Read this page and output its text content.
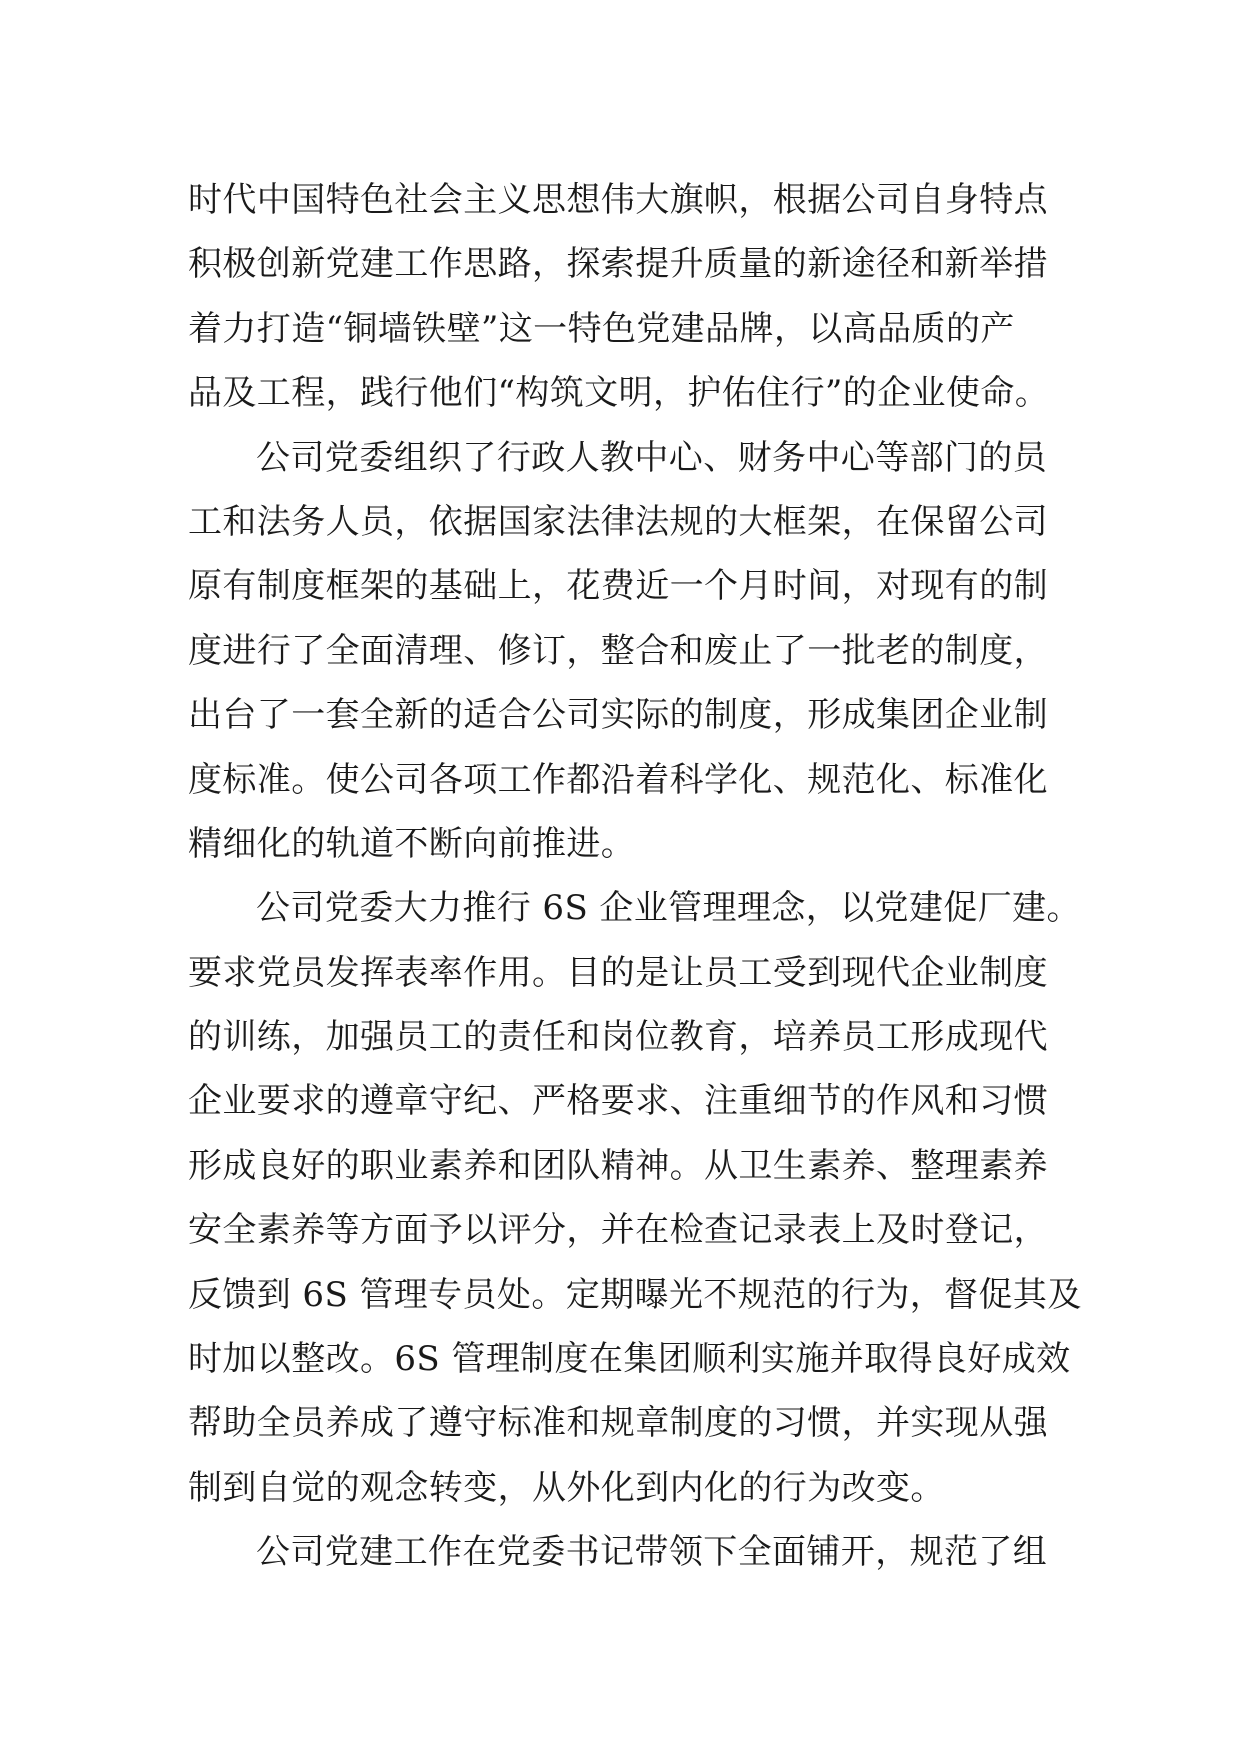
时代中国特色社会主义思想伟大旗帜，根据公司自身特点
积极创新党建工作思路，探索提升质量的新途径和新举措
着力打造“铜墙铁壁”这一特色党建品牌，以高品质的产
品及工程，践行他们“构筑文明，护佑住行”的企业使命。
公司党委组织了行政人教中心、财务中心等部门的员
工和法务人员，依据国家法律法规的大框架，在保留公司
原有制度框架的基础上，花费近一个月时间，对现有的制
度进行了全面清理、修订，整合和废止了一批老的制度，
出台了一套全新的适合公司实际的制度，形成集团企业制
度标准。使公司各项工作都沿着科学化、规范化、标准化
精细化的轨道不断向前推进。
公司党委大力推行 6S 企业管理理念，以党建促厂建。
要求党员发挥表率作用。目的是让员工受到现代企业制度
的训练，加强员工的责任和岗位教育，培养员工形成现代
企业要求的遵章守纪、严格要求、注重细节的作风和习惯
形成良好的职业素养和团队精神。从卫生素养、整理素养
安全素养等方面予以评分，并在检查记录表上及时登记，
反馈到 6S 管理专员处。定期曝光不规范的行为，督促其及
时加以整改。6S 管理制度在集团顺利实施并取得良好成效
帮助全员养成了遵守标准和规章制度的习惯，并实现从强
制到自觉的观念转变，从外化到内化的行为改变。
公司党建工作在党委书记带领下全面铺开，规范了组
